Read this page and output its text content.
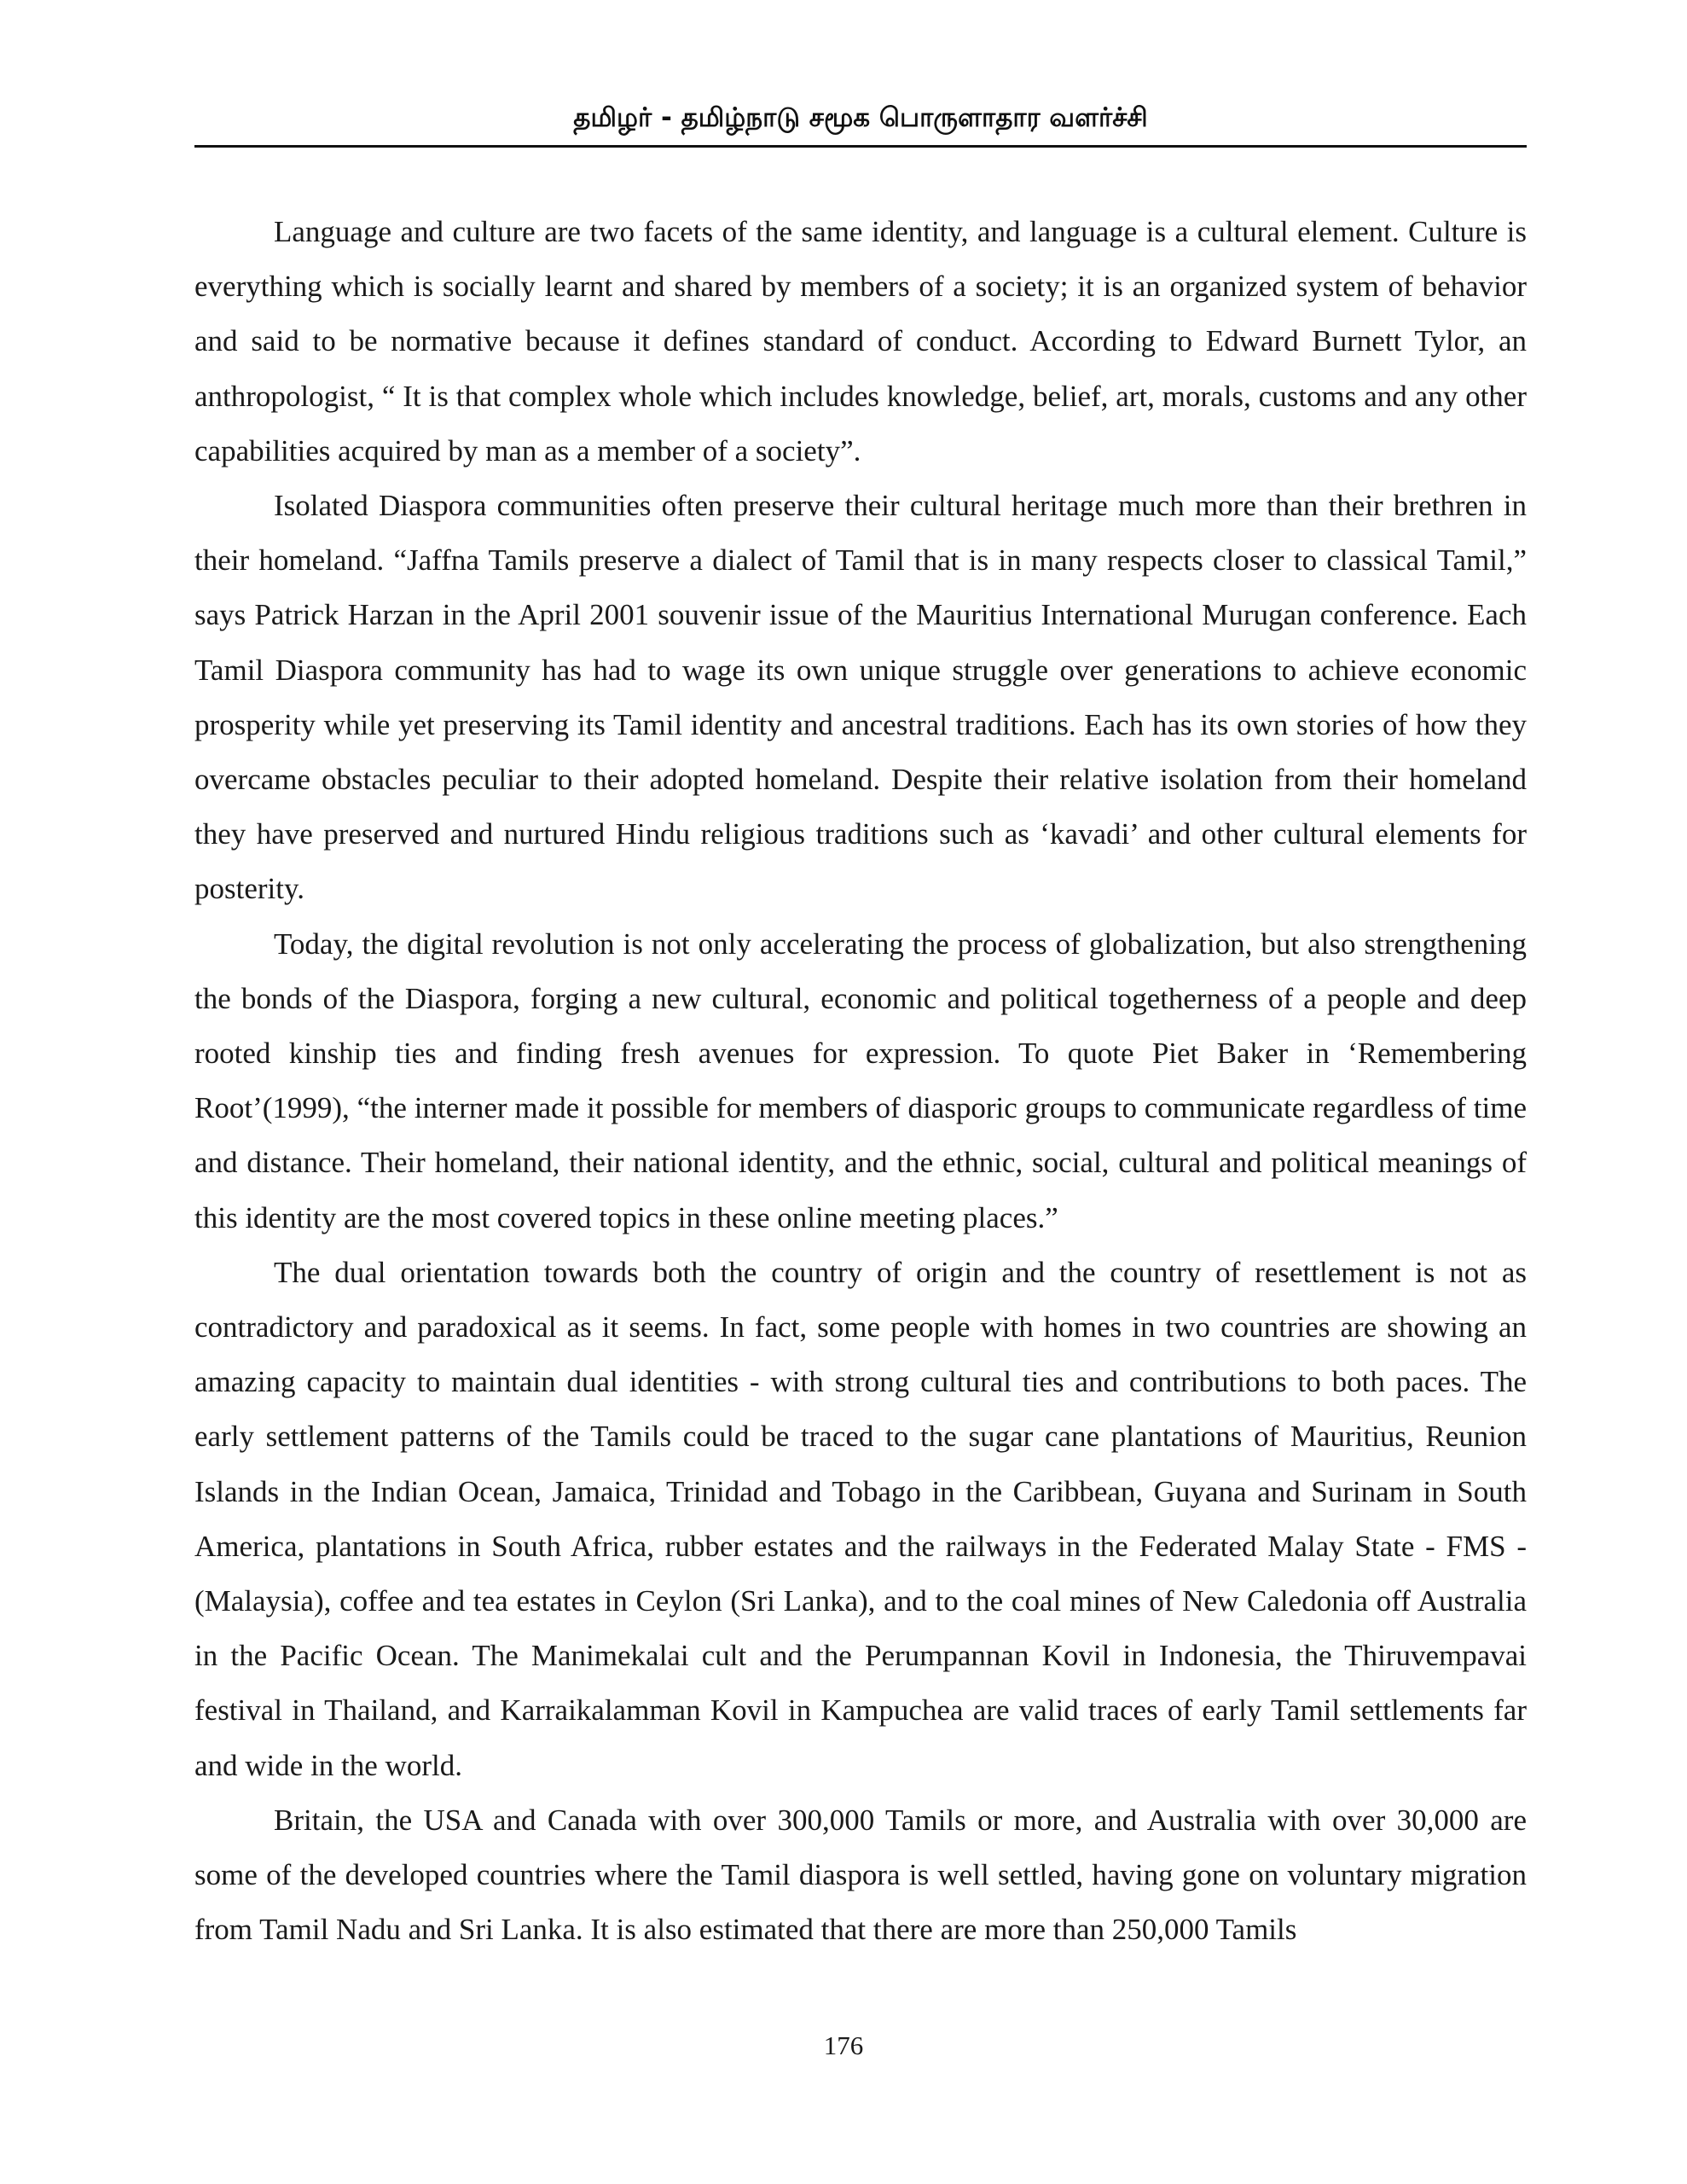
தமிழர் - தமிழ்நாடு சமூக பொருளாதார வளர்ச்சி

Language and culture are two facets of the same identity, and language is a cultural element. Culture is everything which is socially learnt and shared by members of a society; it is an organized system of behavior and said to be normative because it defines standard of conduct. According to Edward Burnett Tylor, an anthropologist, “ It is that complex whole which includes knowledge, belief, art, morals, customs and any other capabilities acquired by man as a member of a society”.

Isolated Diaspora communities often preserve their cultural heritage much more than their brethren in their homeland. “Jaffna Tamils preserve a dialect of Tamil that is in many respects closer to classical Tamil,” says Patrick Harzan in the April 2001 souvenir issue of the Mauritius International Murugan conference. Each Tamil Diaspora community has had to wage its own unique struggle over generations to achieve economic prosperity while yet preserving its Tamil identity and ancestral traditions. Each has its own stories of how they overcame obstacles peculiar to their adopted homeland. Despite their relative isolation from their homeland they have preserved and nurtured Hindu religious traditions such as ‘kavadi’ and other cultural elements for posterity.

Today, the digital revolution is not only accelerating the process of globalization, but also strengthening the bonds of the Diaspora, forging a new cultural, economic and political togetherness of a people and deep rooted kinship ties and finding fresh avenues for expression. To quote Piet Baker in ‘Remembering Root’(1999), “the interner made it possible for members of diasporic groups to communicate regardless of time and distance. Their homeland, their national identity, and the ethnic, social, cultural and political meanings of this identity are the most covered topics in these online meeting places.”

The dual orientation towards both the country of origin and the country of resettlement is not as contradictory and paradoxical as it seems. In fact, some people with homes in two countries are showing an amazing capacity to maintain dual identities - with strong cultural ties and contributions to both paces. The early settlement patterns of the Tamils could be traced to the sugar cane plantations of Mauritius, Reunion Islands in the Indian Ocean, Jamaica, Trinidad and Tobago in the Caribbean, Guyana and Surinam in South America, plantations in South Africa, rubber estates and the railways in the Federated Malay State - FMS - (Malaysia), coffee and tea estates in Ceylon (Sri Lanka), and to the coal mines of New Caledonia off Australia in the Pacific Ocean. The Manimekalai cult and the Perumpannan Kovil in Indonesia, the Thiruvempavai festival in Thailand, and Karraikalamman Kovil in Kampuchea are valid traces of early Tamil settlements far and wide in the world.

Britain, the USA and Canada with over 300,000 Tamils or more, and Australia with over 30,000 are some of the developed countries where the Tamil diaspora is well settled, having gone on voluntary migration from Tamil Nadu and Sri Lanka. It is also estimated that there are more than 250,000 Tamils

176
